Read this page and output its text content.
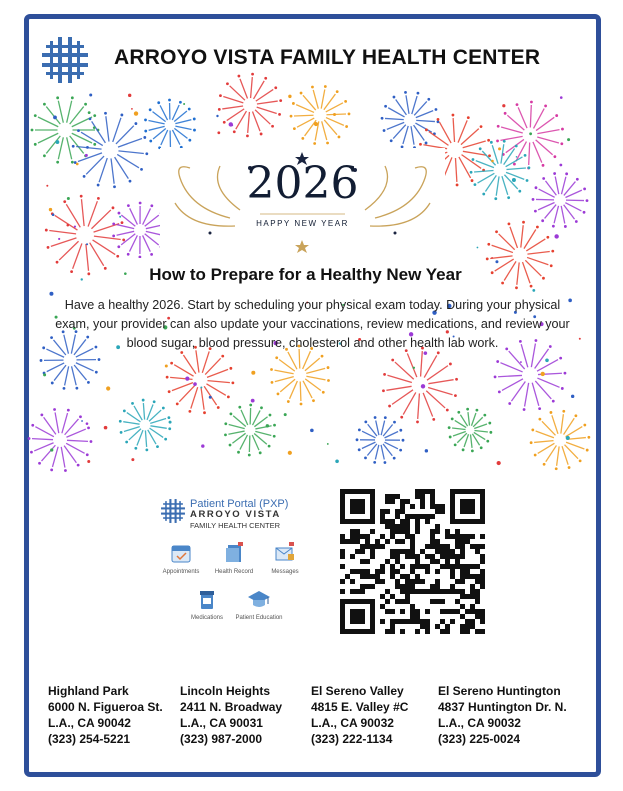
ARROYO VISTA FAMILY HEALTH CENTER
2026
HAPPY NEW YEAR
How to Prepare for a Healthy New Year
Have a healthy 2026. Start by scheduling your physical exam today. During your physical exam, your provider can also update your vaccinations, review medications, and review your blood sugar, blood pressure, cholesterol and other health lab work.
Patient Portal (PXP)
ARROYO VISTA
FAMILY HEALTH CENTER
Appointments	Health Record	Messages
Medications	Patient Education
Highland Park
6000 N. Figueroa St.
L.A., CA 90042
(323) 254-5221
Lincoln Heights
2411 N. Broadway
L.A., CA 90031
(323) 987-2000
El Sereno Valley
4815 E. Valley #C
L.A., CA 90032
(323) 222-1134
El Sereno Huntington
4837 Huntington Dr. N.
L.A., CA 90032
(323) 225-0024
